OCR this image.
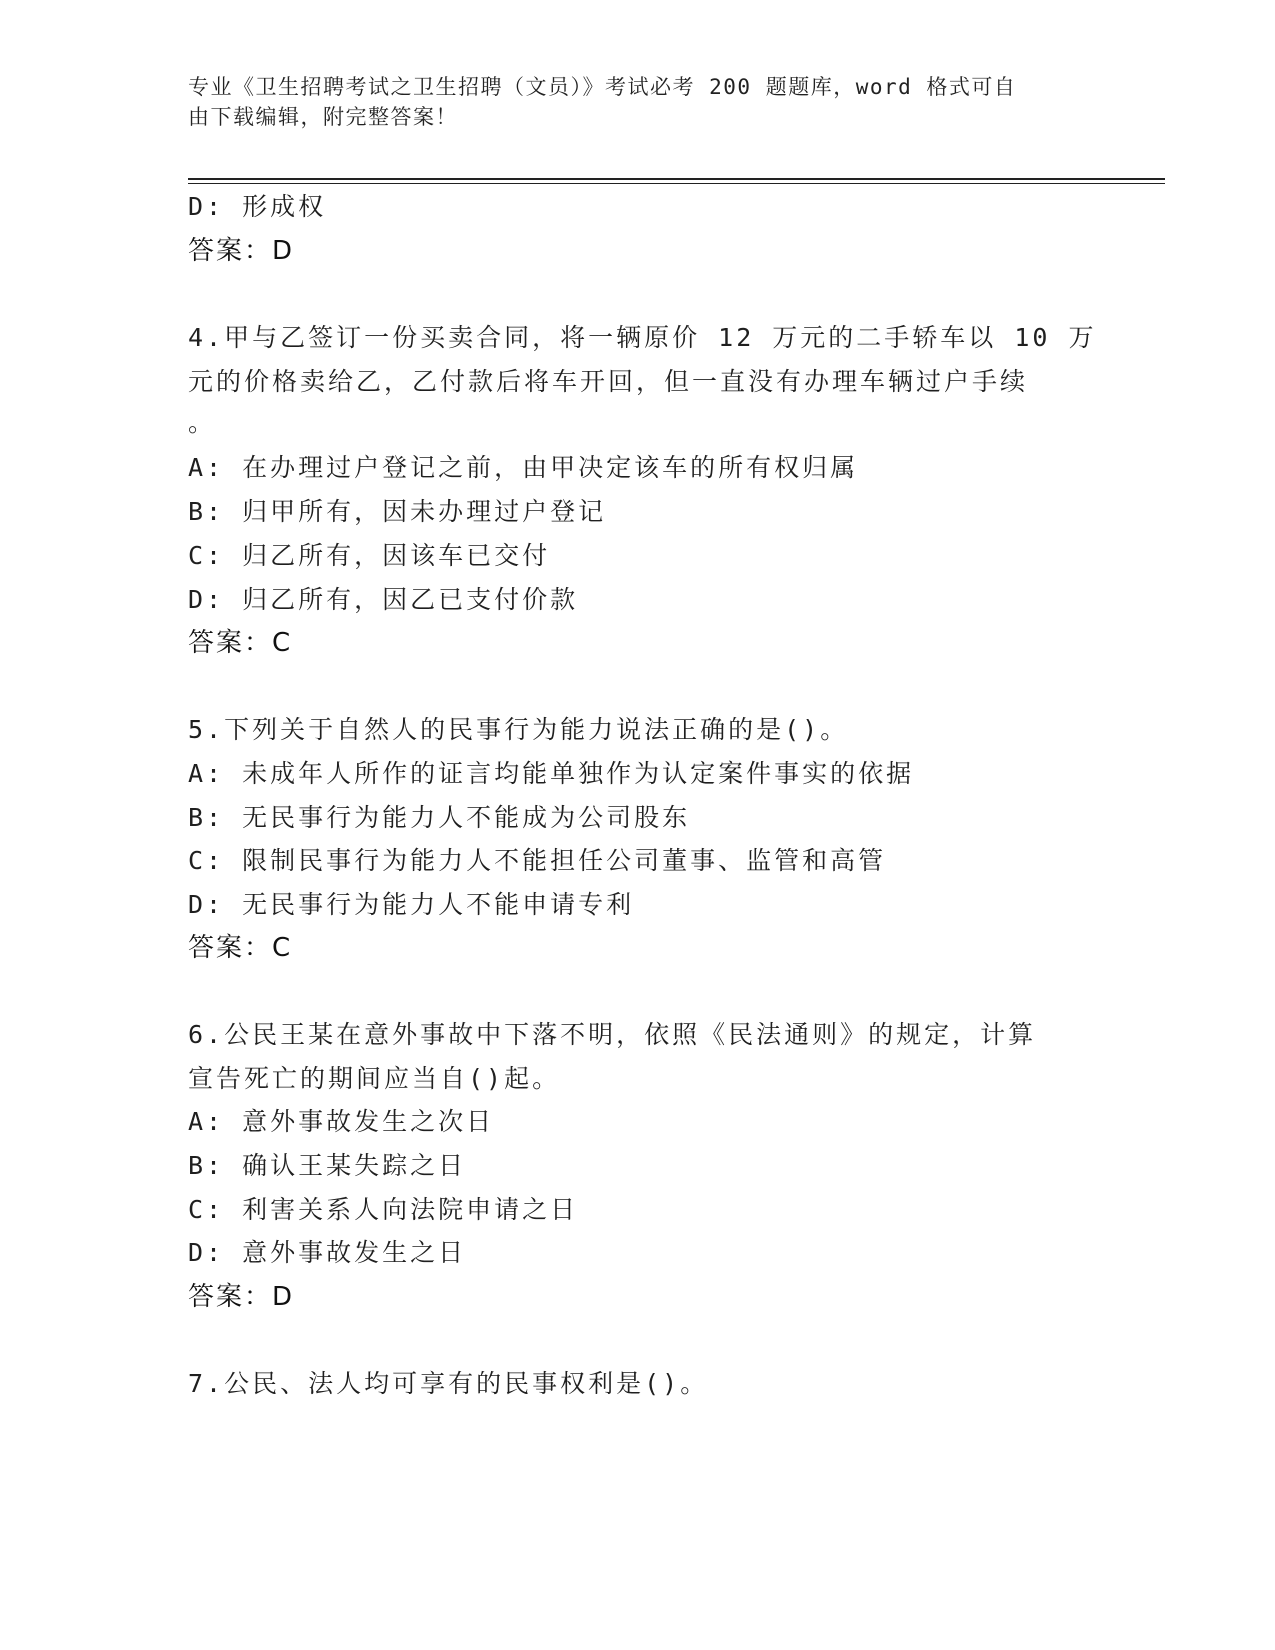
专业《卫生招聘考试之卫生招聘（文员）》考试必考 200 题题库，word 格式可自
由下载编辑，附完整答案！
D: 形成权
答案：D
4.甲与乙签订一份买卖合同，将一辆原价 12 万元的二手轿车以 10 万
元的价格卖给乙，乙付款后将车开回，但一直没有办理车辆过户手续
。
A: 在办理过户登记之前，由甲决定该车的所有权归属
B: 归甲所有，因未办理过户登记
C: 归乙所有，因该车已交付
D: 归乙所有，因乙已支付价款
答案：C
5.下列关于自然人的民事行为能力说法正确的是()。
A: 未成年人所作的证言均能单独作为认定案件事实的依据
B: 无民事行为能力人不能成为公司股东
C: 限制民事行为能力人不能担任公司董事、监管和高管
D: 无民事行为能力人不能申请专利
答案：C
6.公民王某在意外事故中下落不明，依照《民法通则》的规定，计算
宣告死亡的期间应当自()起。
A: 意外事故发生之次日
B: 确认王某失踪之日
C: 利害关系人向法院申请之日
D: 意外事故发生之日
答案：D
7.公民、法人均可享有的民事权利是()。
